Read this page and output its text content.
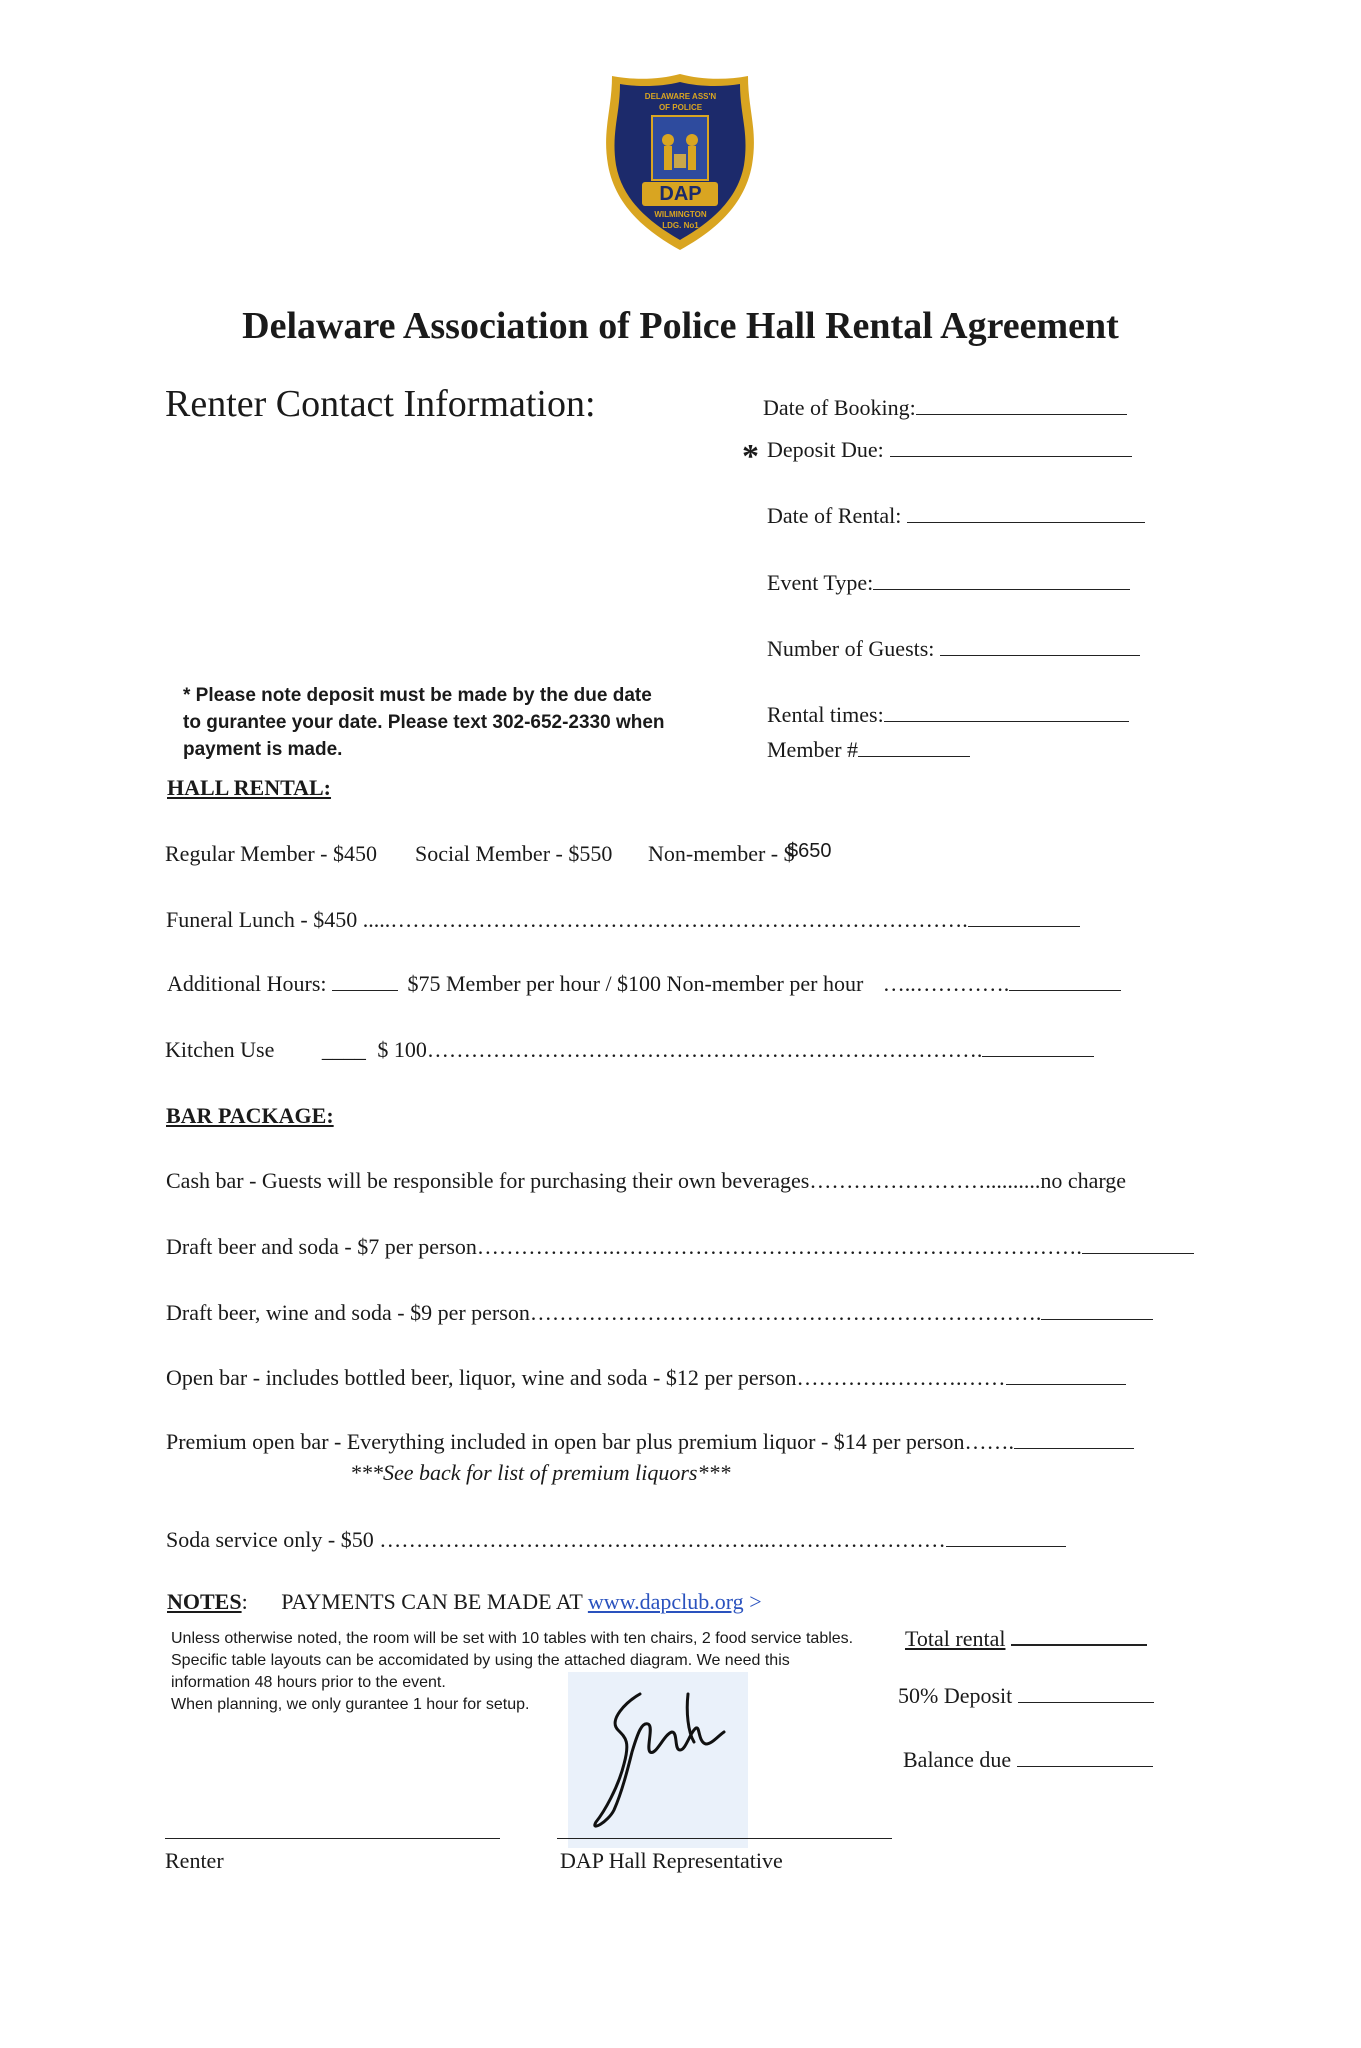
DELAWARE ASS'N
OF POLICE
DAP
WILMINGTON
LDG. No1
Delaware Association of Police Hall Rental Agreement
Renter Contact Information:	Date of Booking:
* Deposit Due:
Date of Rental:
Event Type:
Number of Guests:
Rental times:
Member #
* Please note deposit must be made by the due date
to gurantee your date. Please text 302-652-2330 when
payment is made.
HALL RENTAL:
Regular Member - $450 Social Member - $550 Non-member - $
$650
Funeral Lunch - $450 .....…………………………………………………………………….
Additional Hours:	$75 Member per hour / $100 Non-member per hour …..………….
Kitchen Use ____ $ 100………………………………………………………………….
BAR PACKAGE:
Cash bar - Guests will be responsible for purchasing their own beverages……………………..........no charge
Draft beer and soda - $7 per person……………….……………………………………………………….
Draft beer, wine and soda - $9 per person…………………………………………………………….
Open bar - includes bottled beer, liquor, wine and soda - $12 per person………….……….……
Premium open bar - Everything included in open bar plus premium liquor - $14 per person…….
***See back for list of premium liquors***
Soda service only - $50 ……………………………………………...……………………
NOTES: PAYMENTS CAN BE MADE AT www.dapclub.org >
Unless otherwise noted, the room will be set with 10 tables with ten chairs, 2 food service tables.
Specific table layouts can be accomidated by using the attached diagram. We need this
information 48 hours prior to the event.
When planning, we only gurantee 1 hour for setup.
Total rental
50% Deposit
Balance due
Renter	DAP Hall Representative
